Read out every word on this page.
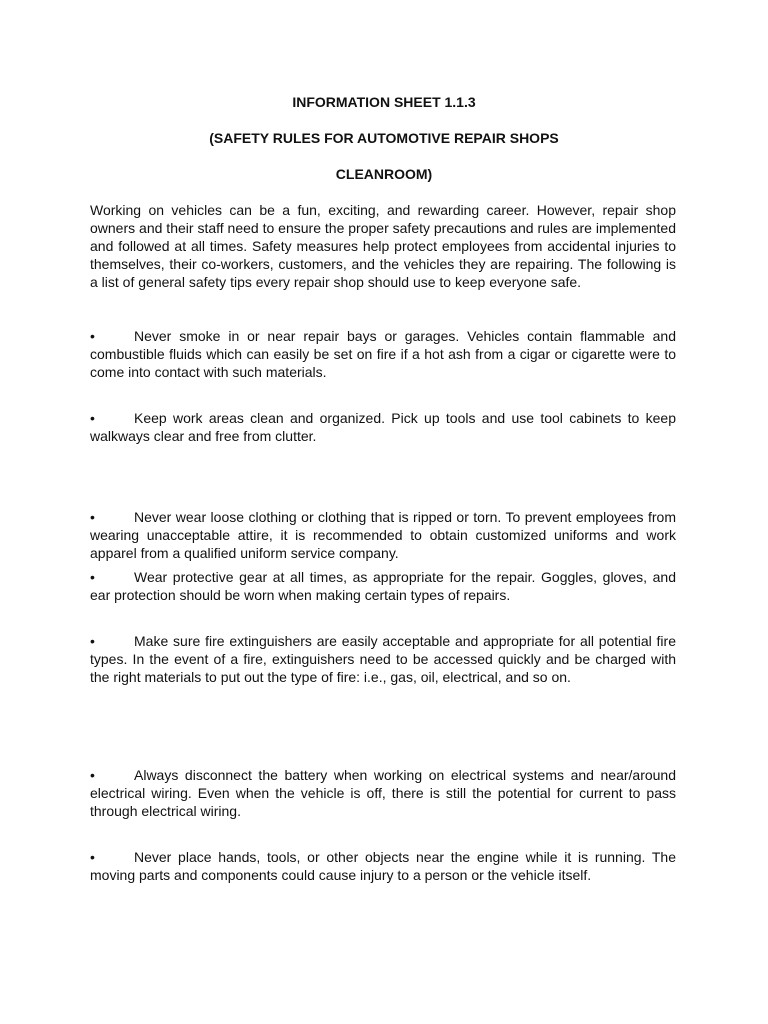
INFORMATION SHEET 1.1.3
(SAFETY RULES FOR AUTOMOTIVE REPAIR SHOPS
CLEANROOM)
Working on vehicles can be a fun, exciting, and rewarding career. However, repair shop owners and their staff need to ensure the proper safety precautions and rules are implemented and followed at all times. Safety measures help protect employees from accidental injuries to themselves, their co-workers, customers, and the vehicles they are repairing. The following is a list of general safety tips every repair shop should use to keep everyone safe.
•	Never smoke in or near repair bays or garages. Vehicles contain flammable and combustible fluids which can easily be set on fire if a hot ash from a cigar or cigarette were to come into contact with such materials.
•	Keep work areas clean and organized. Pick up tools and use tool cabinets to keep walkways clear and free from clutter.
•	Never wear loose clothing or clothing that is ripped or torn. To prevent employees from wearing unacceptable attire, it is recommended to obtain customized uniforms and work apparel from a qualified uniform service company.
•	Wear protective gear at all times, as appropriate for the repair. Goggles, gloves, and ear protection should be worn when making certain types of repairs.
•	Make sure fire extinguishers are easily acceptable and appropriate for all potential fire types. In the event of a fire, extinguishers need to be accessed quickly and be charged with the right materials to put out the type of fire: i.e., gas, oil, electrical, and so on.
•	Always disconnect the battery when working on electrical systems and near/around electrical wiring. Even when the vehicle is off, there is still the potential for current to pass through electrical wiring.
•	Never place hands, tools, or other objects near the engine while it is running. The moving parts and components could cause injury to a person or the vehicle itself.
